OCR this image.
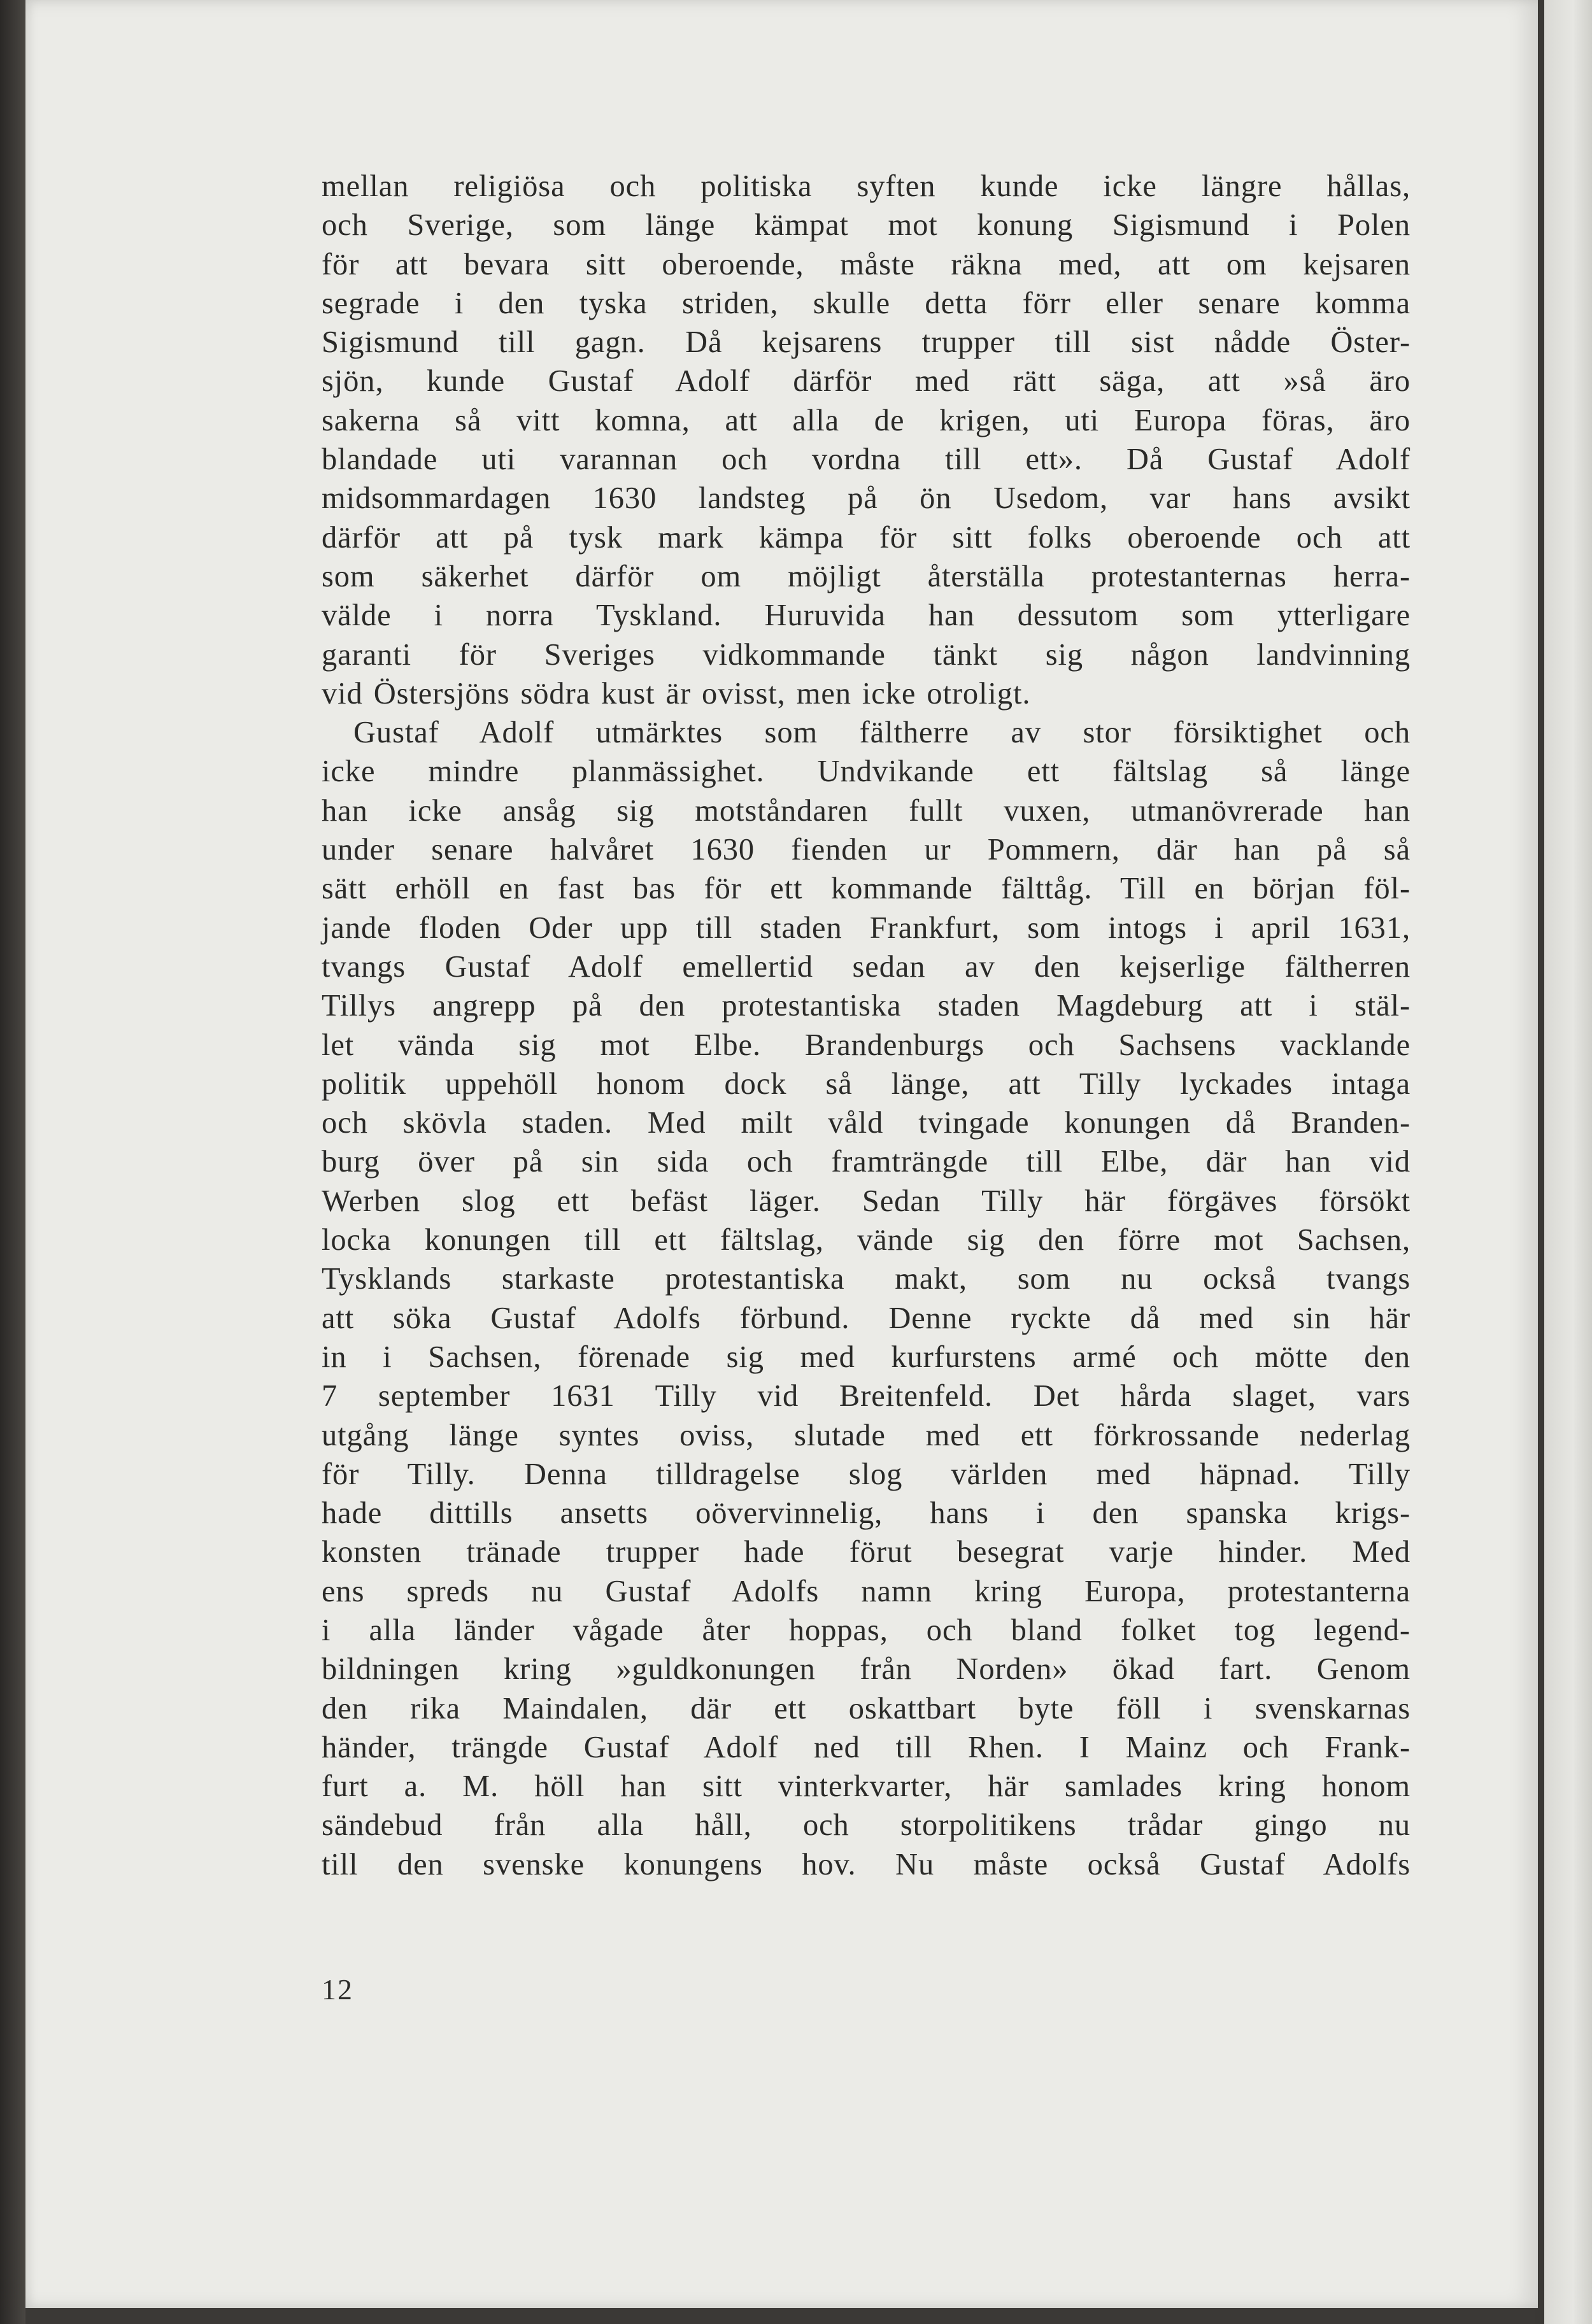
mellan religiösa och politiska syften kunde icke längre hållas,
och Sverige, som länge kämpat mot konung Sigismund i Polen
för att bevara sitt oberoende, måste räkna med, att om kejsaren
segrade i den tyska striden, skulle detta förr eller senare komma
Sigismund till gagn. Då kejsarens trupper till sist nådde Öster-
sjön, kunde Gustaf Adolf därför med rätt säga, att »så äro
sakerna så vitt komna, att alla de krigen, uti Europa föras, äro
blandade uti varannan och vordna till ett». Då Gustaf Adolf
midsommardagen 1630 landsteg på ön Usedom, var hans avsikt
därför att på tysk mark kämpa för sitt folks oberoende och att
som säkerhet därför om möjligt återställa protestanternas herra-
välde i norra Tyskland. Huruvida han dessutom som ytterligare
garanti för Sveriges vidkommande tänkt sig någon landvinning
vid Östersjöns södra kust är ovisst, men icke otroligt.
Gustaf Adolf utmärktes som fältherre av stor försiktighet och
icke mindre planmässighet. Undvikande ett fältslag så länge
han icke ansåg sig motståndaren fullt vuxen, utmanövrerade han
under senare halvåret 1630 fienden ur Pommern, där han på så
sätt erhöll en fast bas för ett kommande fälttåg. Till en början föl-
jande floden Oder upp till staden Frankfurt, som intogs i april 1631,
tvangs Gustaf Adolf emellertid sedan av den kejserlige fältherren
Tillys angrepp på den protestantiska staden Magdeburg att i stäl-
let vända sig mot Elbe. Brandenburgs och Sachsens vacklande
politik uppehöll honom dock så länge, att Tilly lyckades intaga
och skövla staden. Med milt våld tvingade konungen då Branden-
burg över på sin sida och framträngde till Elbe, där han vid
Werben slog ett befäst läger. Sedan Tilly här förgäves försökt
locka konungen till ett fältslag, vände sig den förre mot Sachsen,
Tysklands starkaste protestantiska makt, som nu också tvangs
att söka Gustaf Adolfs förbund. Denne ryckte då med sin här
in i Sachsen, förenade sig med kurfurstens armé och mötte den
7 september 1631 Tilly vid Breitenfeld. Det hårda slaget, vars
utgång länge syntes oviss, slutade med ett förkrossande nederlag
för Tilly. Denna tilldragelse slog världen med häpnad. Tilly
hade dittills ansetts oövervinnelig, hans i den spanska krigs-
konsten tränade trupper hade förut besegrat varje hinder. Med
ens spreds nu Gustaf Adolfs namn kring Europa, protestanterna
i alla länder vågade åter hoppas, och bland folket tog legend-
bildningen kring »guldkonungen från Norden» ökad fart. Genom
den rika Maindalen, där ett oskattbart byte föll i svenskarnas
händer, trängde Gustaf Adolf ned till Rhen. I Mainz och Frank-
furt a. M. höll han sitt vinterkvarter, här samlades kring honom
sändebud från alla håll, och storpolitikens trådar gingo nu
till den svenske konungens hov. Nu måste också Gustaf Adolfs
12
